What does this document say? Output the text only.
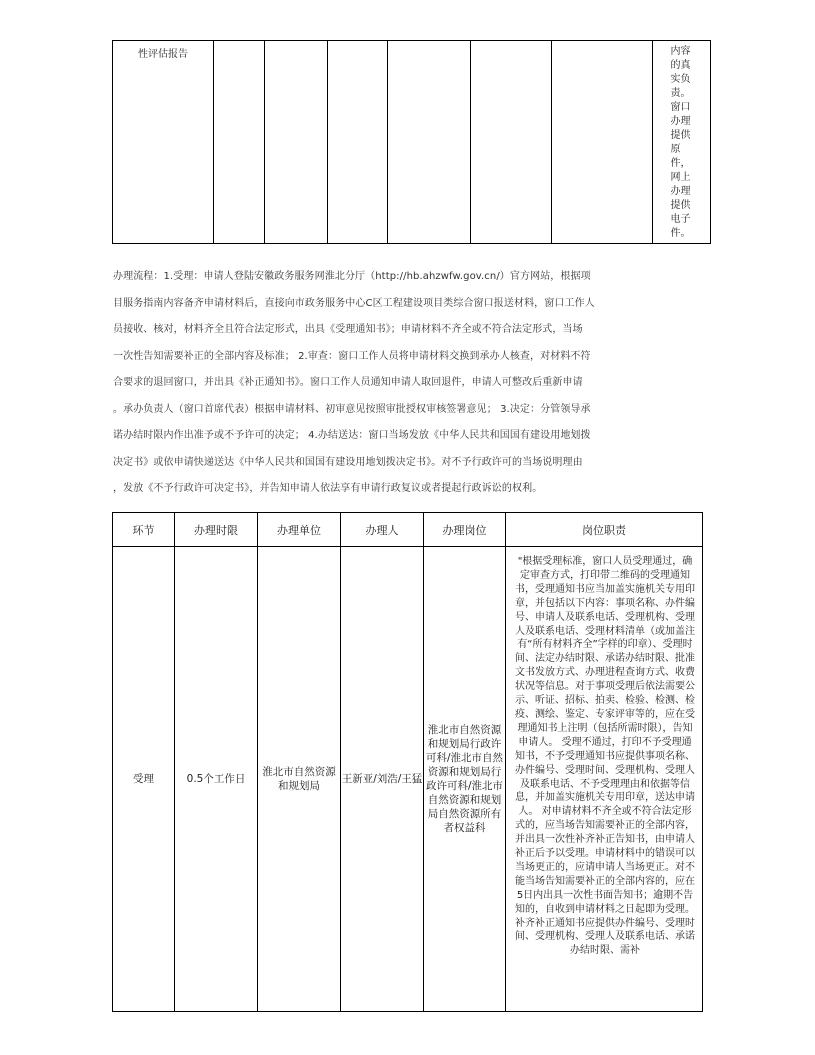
性评估报告							内容的真实负责。窗口办理提供原件，网上办理提供电子件。
办理流程：1.受理：申请人登陆安徽政务服务网淮北分厅（http://hb.ahzwfw.gov.cn/）官方网站，根据项
目服务指南内容备齐申请材料后，直接向市政务服务中心C区工程建设项目类综合窗口报送材料，窗口工作人
员接收、核对，材料齐全且符合法定形式，出具《受理通知书》；申请材料不齐全或不符合法定形式，当场
一次性告知需要补正的全部内容及标准； 2.审查：窗口工作人员将申请材料交换到承办人核查，对材料不符
合要求的退回窗口，并出具《补正通知书》。窗口工作人员通知申请人取回退件，申请人可整改后重新申请
。承办负责人（窗口首席代表）根据申请材料、初审意见按照审批授权审核签署意见； 3.决定：分管领导承
诺办结时限内作出准予或不予许可的决定； 4.办结送达：窗口当场发放《中华人民共和国国有建设用地划拨
决定书》或依申请快递送达《中华人民共和国国有建设用地划拨决定书》。对不予行政许可的当场说明理由
，发放《不予行政许可决定书》，并告知申请人依法享有申请行政复议或者提起行政诉讼的权利。
环节	办理时限	办理单位	办理人	办理岗位	岗位职责
受理	0.5个工作日	淮北市自然资源和规划局	王新亚/刘浩/王猛	淮北市自然资源和规划局行政许可科/淮北市自然资源和规划局行政许可科/淮北市自然资源和规划局自然资源所有者权益科	"根据受理标准，窗口人员受理通过，确定审查方式，打印带二维码的受理通知书，受理通知书应当加盖实施机关专用印章，并包括以下内容：事项名称、办件编号、申请人及联系电话、受理机构、受理人及联系电话、受理材料清单（或加盖注有“所有材料齐全”字样的印章）、受理时间、法定办结时限、承诺办结时限、批准文书发放方式、办理进程查询方式、收费状况等信息。对于事项受理后依法需要公示、听证、招标、拍卖、检验、检测、检疫、测绘、鉴定、专家评审等的，应在受理通知书上注明（包括所需时限），告知申请人。 受理不通过，打印不予受理通知书，不予受理通知书应提供事项名称、办件编号、受理时间、受理机构、受理人及联系电话、不予受理理由和依据等信息，并加盖实施机关专用印章，送达申请人。 对申请材料不齐全或不符合法定形式的，应当场告知需要补正的全部内容，并出具一次性补齐补正告知书，由申请人补正后予以受理。申请材料中的错误可以当场更正的，应请申请人当场更正。对不能当场告知需要补正的全部内容的，应在5日内出具一次性书面告知书；逾期不告知的，自收到申请材料之日起即为受理。补齐补正通知书应提供办件编号、受理时间、受理机构、受理人及联系电话、承诺办结时限、需补
